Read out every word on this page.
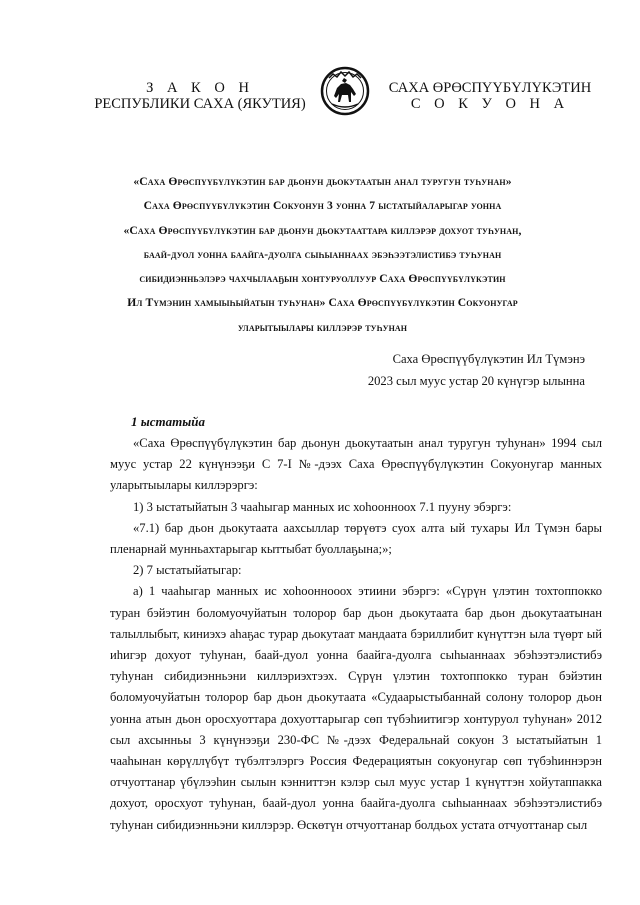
З А К О Н
РЕСПУБЛИКИ САХА (ЯКУТИЯ)
САХА ӨРӨСПҮҮБҮЛҮКЭТИН
С О К У О Н А
«Саха Өрөспүүбүлүкэтин бар дьонун дьокутаатын анал туругун туһунан»
Саха Өрөспүүбүлүкэтин Сокуонун 3 уонна 7 ыстатыйаларыгар уонна
«Саха Өрөспүүбүлүкэтин бар дьонун дьокутааттара киллэрэр дохуот туһунан,
баай-дуол уонна баайга-дуолга сыһыаннаах эбэһээтэлистибэ туһунан
сибидиэнньэлэрэ чахчылааҕын хонтуруоллуур Саха Өрөспүүбүлүкэтин
Ил Түмэнин хамыыһыйатын туһунан» Саха Өрөспүүбүлүкэтин Сокуонугар
уларытыылары киллэрэр туһунан
Саха Өрөспүүбүлүкэтин Ил Түмэнэ
2023 сыл муус устар 20 күнүгэр ылынна
1 ыстатыйа

«Саха Өрөспүүбүлүкэтин бар дьонун дьокутаатын анал туругун туһунан» 1994 сыл муус устар 22 күнүнээҕи С 7-І №-дээх Саха Өрөспүүбүлүкэтин Сокуонугар манных уларытыылары киллэрэргэ:

1) 3 ыстатыйатын 3 чааһыгар манных ис хоһоонноох 7.1 пууну эбэргэ:

«7.1) бар дьон дьокутаата аахсыллар төрүөтэ суох алта ый тухары Ил Түмэн бары пленарнай мунньахтарыгар кыттыбат буоллаҕына;»;

2) 7 ыстатыйатыгар:

а) 1 чааһыгар манных ис хоһооннооох этиини эбэргэ: «Сүрүн үлэтин тохтоппокко туран бэйэтин боломуочуйатын толорор бар дьон дьокутаата бар дьон дьокутаатынан талыллыбыт, киниэхэ аһаҕас турар дьокутаат мандаата бэриллибит күнүттэн ыла түөрт ый иһигэр дохуот туһунан, баай-дуол уонна баайга-дуолга сыһыаннаах эбэһээтэлистибэ туһунан сибидиэнньэни киллэриэхтээх. Сүрүн үлэтин тохтоппокко туран бэйэтин боломуочуйатын толорор бар дьон дьокутаата «Судаарыстыбаннай солону толорор дьон уонна атын дьон оросхуоттара дохуоттарыгар сөп түбэһиитигэр хонтуруол туһунан» 2012 сыл ахсынньы 3 күнүнээҕи 230-ФС №-дээх Федеральнай сокуон 3 ыстатыйатын 1 чааһынан көрүллүбүт түбэлтэлэргэ Россия Федерациятын сокуонугар сөп түбэһиннэрэн отчуоттанар үбүлээһин сылын кэнниттэн кэлэр сыл муус устар 1 күнүттэн хойутаппакка дохуот, оросхуот туһунан, баай-дуол уонна баайга-дуолга сыһыаннаах эбэһээтэлистибэ туһунан сибидиэнньэни киллэрэр. Өскөтүн отчуоттанар болдьох устата отчуоттанар сыл
